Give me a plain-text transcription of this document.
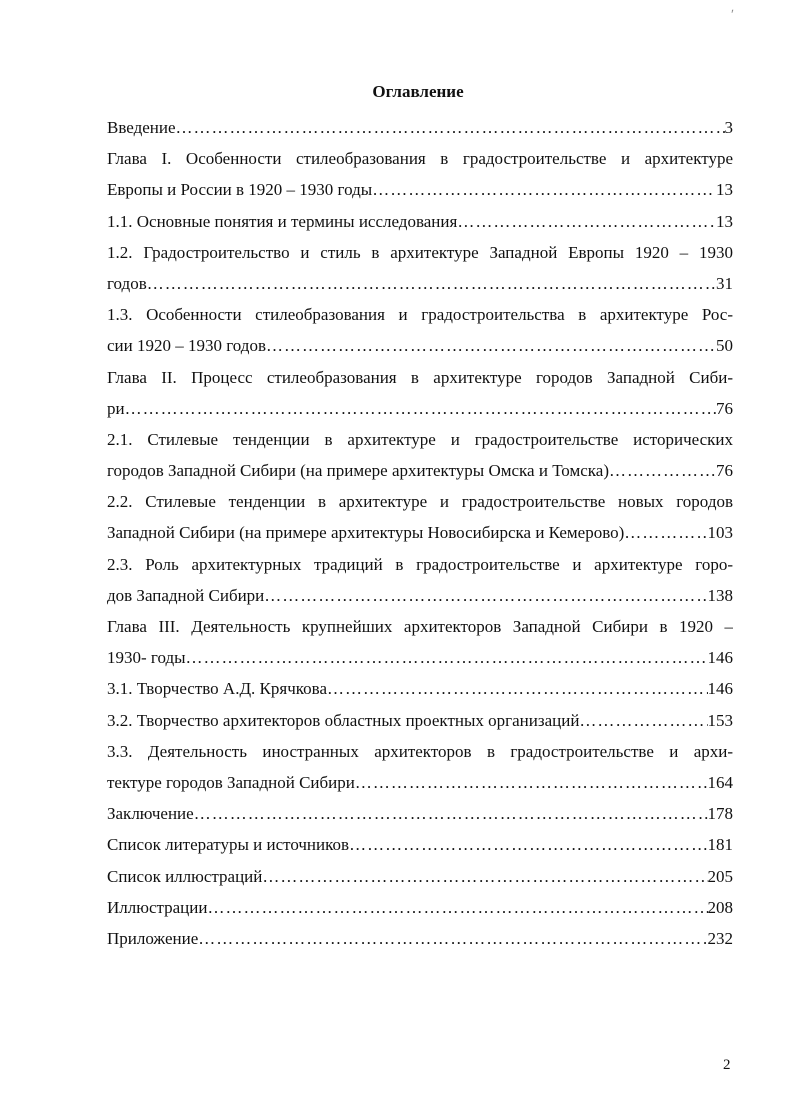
ʹ
Оглавление
Введение ……………………………………………………………………………………………………………………………………………………………………………………………………………………………………………………	3
Глава I. Особенности стилеобразования в градостроительстве и архитектуре
Европы и России в 1920 – 1930 годы ……………………………………………………………………………………………………………………………………………………………………………………………………………………………………………………	13
1.1. Основные понятия и термины исследования ……………………………………………………………………………………………………………………………………………………………………………………………………………………………………………………	13
1.2. Градостроительство и стиль в архитектуре Западной Европы 1920 – 1930
годов ……………………………………………………………………………………………………………………………………………………………………………………………………………………………………………………	31
1.3. Особенности стилеобразования и градостроительства в архитектуре Рос-
сии 1920 – 1930 годов ……………………………………………………………………………………………………………………………………………………………………………………………………………………………………………………	50
Глава II. Процесс стилеобразования в архитектуре городов Западной Сиби-
ри ……………………………………………………………………………………………………………………………………………………………………………………………………………………………………………………	76
2.1. Стилевые тенденции в архитектуре и градостроительстве исторических
городов Западной Сибири (на примере архитектуры Омска и Томска) ……………………………………………………………………………………………………………………………………………………………………………………………………………………………………………………	76
2.2. Стилевые тенденции в архитектуре и градостроительстве новых городов
Западной Сибири (на примере архитектуры Новосибирска и Кемерово) ……………………………………………………………………………………………………………………………………………………………………………………………………………………………………………………	103
2.3. Роль архитектурных традиций в градостроительстве и архитектуре горо-
дов Западной Сибири ……………………………………………………………………………………………………………………………………………………………………………………………………………………………………………………	138
Глава III. Деятельность крупнейших архитекторов Западной Сибири в 1920 –
1930- годы ……………………………………………………………………………………………………………………………………………………………………………………………………………………………………………………	146
3.1. Творчество А.Д. Крячкова ……………………………………………………………………………………………………………………………………………………………………………………………………………………………………………………	146
3.2. Творчество архитекторов областных проектных организаций ……………………………………………………………………………………………………………………………………………………………………………………………………………………………………………………	153
3.3. Деятельность иностранных архитекторов в градостроительстве и архи-
тектуре городов Западной Сибири ……………………………………………………………………………………………………………………………………………………………………………………………………………………………………………………	164
Заключение ……………………………………………………………………………………………………………………………………………………………………………………………………………………………………………………	178
Список литературы и источников ……………………………………………………………………………………………………………………………………………………………………………………………………………………………………………………	181
Список иллюстраций ……………………………………………………………………………………………………………………………………………………………………………………………………………………………………………………	205
Иллюстрации ……………………………………………………………………………………………………………………………………………………………………………………………………………………………………………………	208
Приложение ……………………………………………………………………………………………………………………………………………………………………………………………………………………………………………………	232
2
